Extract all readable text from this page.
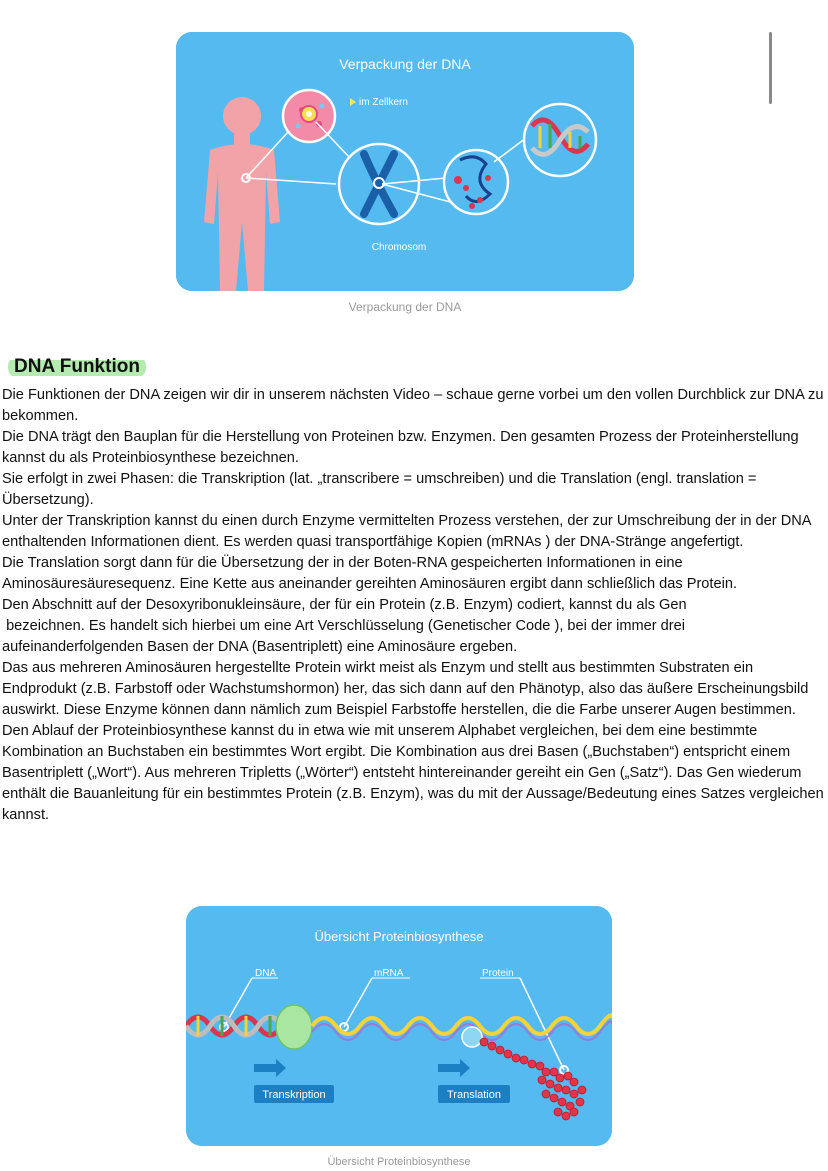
Verpackung der DNA
im Zellkern
Chromosom
Verpackung der DNA
DNA Funktion

Die Funktionen der DNA zeigen wir dir in unserem nächsten Video – schaue gerne vorbei um den vollen Durchblick zur DNA zu bekommen.

Die DNA trägt den Bauplan für die Herstellung von Proteinen bzw. Enzymen. Den gesamten Prozess der Proteinherstellung kannst du als Proteinbiosynthese bezeichnen.

Sie erfolgt in zwei Phasen: die Transkription (lat. „transcribere = umschreiben) und die Translation (engl. translation = Übersetzung).

Unter der Transkription kannst du einen durch Enzyme vermittelten Prozess verstehen, der zur Umschreibung der in der DNA enthaltenden Informationen dient. Es werden quasi transportfähige Kopien (mRNAs ) der DNA-Stränge angefertigt.

Die Translation sorgt dann für die Übersetzung der in der Boten-RNA gespeicherten Informationen in eine Aminosäuresäuresequenz. Eine Kette aus aneinander gereihten Aminosäuren ergibt dann schließlich das Protein.

Den Abschnitt auf der Desoxyribonukleinsäure, der für ein Protein (z.B. Enzym) codiert, kannst du als Gen
bezeichnen. Es handelt sich hierbei um eine Art Verschlüsselung (Genetischer Code ), bei der immer drei aufeinanderfolgenden Basen der DNA (Basentriplett) eine Aminosäure ergeben.

Das aus mehreren Aminosäuren hergestellte Protein wirkt meist als Enzym und stellt aus bestimmten Substraten ein Endprodukt (z.B. Farbstoff oder Wachstumshormon) her, das sich dann auf den Phänotyp, also das äußere Erscheinungsbild auswirkt. Diese Enzyme können dann nämlich zum Beispiel Farbstoffe herstellen, die die Farbe unserer Augen bestimmen.

Den Ablauf der Proteinbiosynthese kannst du in etwa wie mit unserem Alphabet vergleichen, bei dem eine bestimmte Kombination an Buchstaben ein bestimmtes Wort ergibt. Die Kombination aus drei Basen („Buchstaben“) entspricht einem Basentriplett („Wort“). Aus mehreren Tripletts („Wörter“) entsteht hintereinander gereiht ein Gen („Satz“). Das Gen wiederum enthält die Bauanleitung für ein bestimmtes Protein (z.B. Enzym), was du mit der Aussage/Bedeutung eines Satzes vergleichen kannst.

Übersicht Proteinbiosynthese
DNA	mRNA	Protein
Transkription	Translation
Übersicht Proteinbiosynthese
